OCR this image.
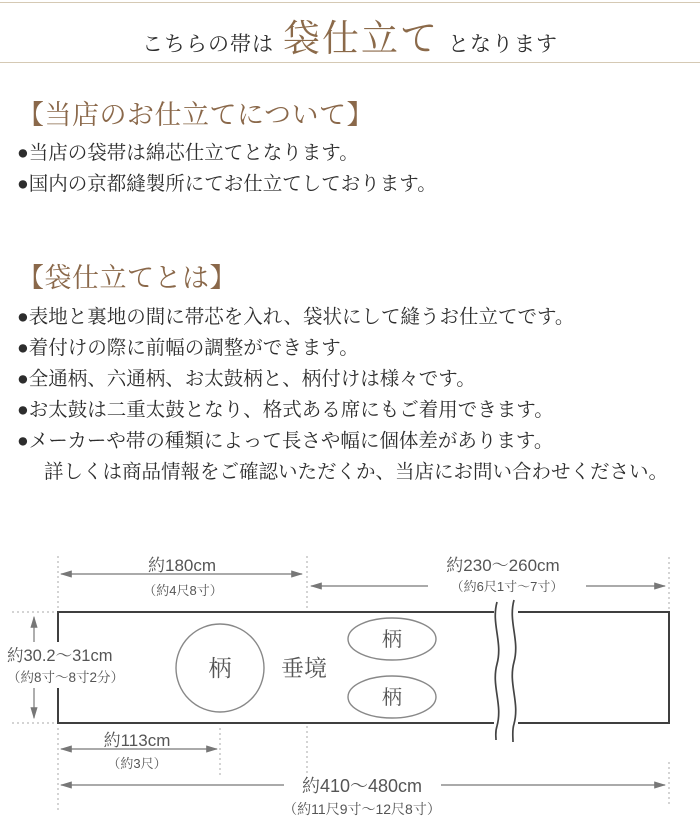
こちらの帯は 袋仕立て となります
【当店のお仕立てについて】

●当店の袋帯は綿芯仕立てとなります。

●国内の京都縫製所にてお仕立てしております。

【袋仕立てとは】

●表地と裏地の間に帯芯を入れ、袋状にして縫うお仕立てです。

●着付けの際に前幅の調整ができます。

●全通柄、六通柄、お太鼓柄と、柄付けは様々です。

●お太鼓は二重太鼓となり、格式ある席にもご着用できます。

●メーカーや帯の種類によって長さや幅に個体差があります。

詳しくは商品情報をご確認いただくか、当店にお問い合わせください。

約180cm
（約4尺8寸）
約230〜260cm
（約6尺1寸〜7寸）
約30.2〜31cm
（約8寸〜8寸2分）	柄 垂境
柄
柄
約113cm
（約3尺）
約410〜480cm
（約11尺9寸〜12尺8寸）
